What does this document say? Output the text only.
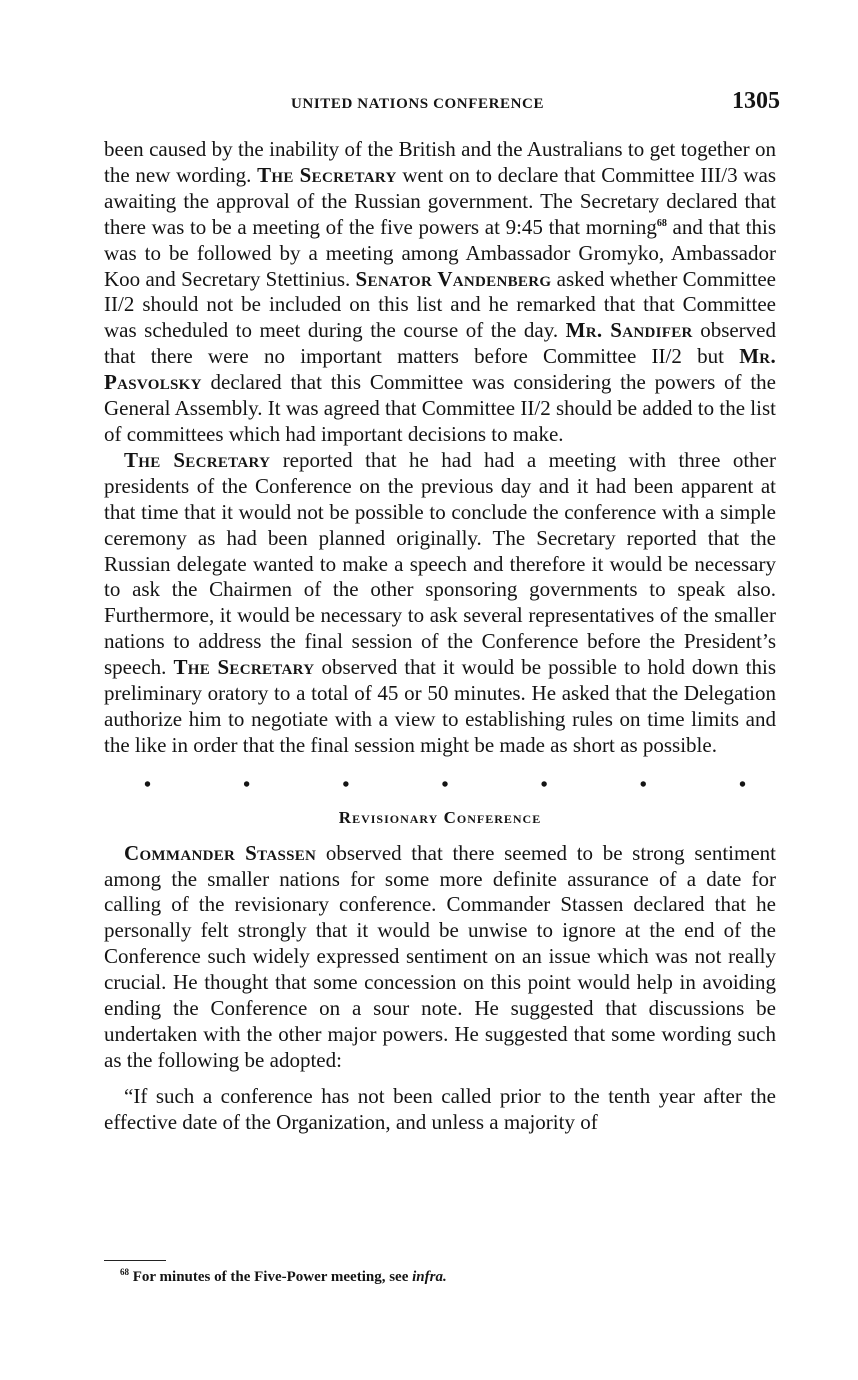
UNITED NATIONS CONFERENCE	1305

been caused by the inability of the British and the Australians to get together on the new wording. The Secretary went on to declare that Committee III/3 was awaiting the approval of the Russian government. The Secretary declared that there was to be a meeting of the five powers at 9:45 that morning$^{68}$ and that this was to be followed by a meeting among Ambassador Gromyko, Ambassador Koo and Secretary Stettinius. Senator Vandenberg asked whether Committee II/2 should not be included on this list and he remarked that that Committee was scheduled to meet during the course of the day. Mr. Sandifer observed that there were no important matters before Committee II/2 but Mr. Pasvolsky declared that this Committee was considering the powers of the General Assembly. It was agreed that Committee II/2 should be added to the list of committees which had important decisions to make.

The Secretary reported that he had had a meeting with three other presidents of the Conference on the previous day and it had been apparent at that time that it would not be possible to conclude the conference with a simple ceremony as had been planned originally. The Secretary reported that the Russian delegate wanted to make a speech and therefore it would be necessary to ask the Chairmen of the other sponsoring governments to speak also. Furthermore, it would be necessary to ask several representatives of the smaller nations to address the final session of the Conference before the President’s speech. The Secretary observed that it would be possible to hold down this preliminary oratory to a total of 45 or 50 minutes. He asked that the Delegation authorize him to negotiate with a view to establishing rules on time limits and the like in order that the final session might be made as short as possible.

•	•	•	•	•	•	•
Revisionary Conference

Commander Stassen observed that there seemed to be strong sentiment among the smaller nations for some more definite assurance of a date for calling of the revisionary conference. Commander Stassen declared that he personally felt strongly that it would be unwise to ignore at the end of the Conference such widely expressed sentiment on an issue which was not really crucial. He thought that some concession on this point would help in avoiding ending the Conference on a sour note. He suggested that discussions be undertaken with the other major powers. He suggested that some wording such as the following be adopted:

“If such a conference has not been called prior to the tenth year after the effective date of the Organization, and unless a majority of

$^{68}$ For minutes of the Five-Power meeting, see infra.
